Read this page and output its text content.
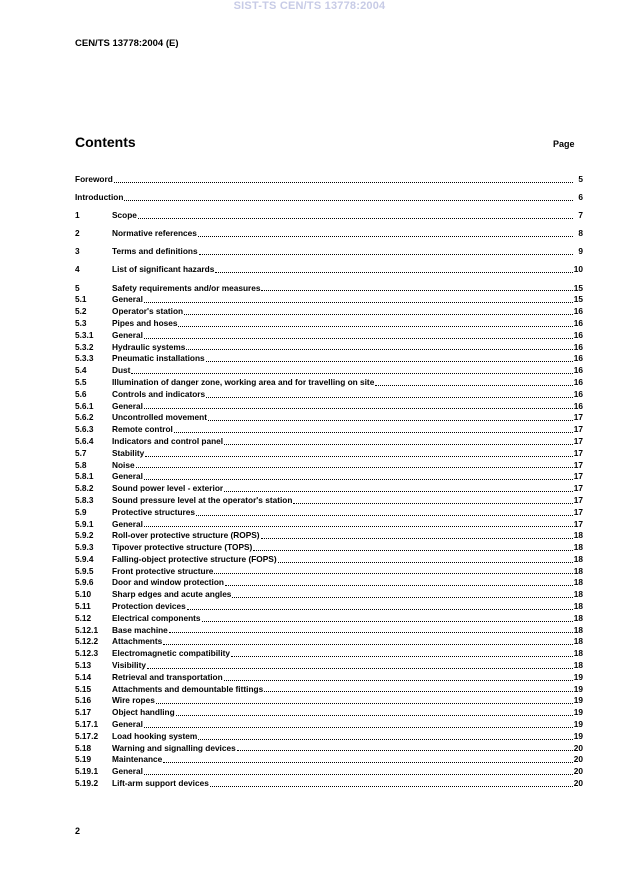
SIST-TS CEN/TS 13778:2004
CEN/TS 13778:2004 (E)
Contents	Page
Foreword	5
Introduction	6
1	Scope	7
2	Normative references	8
3	Terms and definitions	9
4	List of significant hazards	10
5	Safety requirements and/or measures	15
5.1	General	15
5.2	Operator's station	16
5.3	Pipes and hoses	16
5.3.1	General	16
5.3.2	Hydraulic systems	16
5.3.3	Pneumatic installations	16
5.4	Dust	16
5.5	Illumination of danger zone, working area and for travelling on site	16
5.6	Controls and indicators	16
5.6.1	General	16
5.6.2	Uncontrolled movement	17
5.6.3	Remote control	17
5.6.4	Indicators and control panel	17
5.7	Stability	17
5.8	Noise	17
5.8.1	General	17
5.8.2	Sound power level - exterior	17
5.8.3	Sound pressure level at the operator's station	17
5.9	Protective structures	17
5.9.1	General	17
5.9.2	Roll-over protective structure (ROPS)	18
5.9.3	Tipover protective structure (TOPS)	18
5.9.4	Falling-object protective structure (FOPS)	18
5.9.5	Front protective structure	18
5.9.6	Door and window protection	18
5.10	Sharp edges and acute angles	18
5.11	Protection devices	18
5.12	Electrical components	18
5.12.1	Base machine	18
5.12.2	Attachments	18
5.12.3	Electromagnetic compatibility	18
5.13	Visibility	18
5.14	Retrieval and transportation	19
5.15	Attachments and demountable fittings	19
5.16	Wire ropes	19
5.17	Object handling	19
5.17.1	General	19
5.17.2	Load hooking system	19
5.18	Warning and signalling devices	20
5.19	Maintenance	20
5.19.1	General	20
5.19.2	Lift-arm support devices	20
2
